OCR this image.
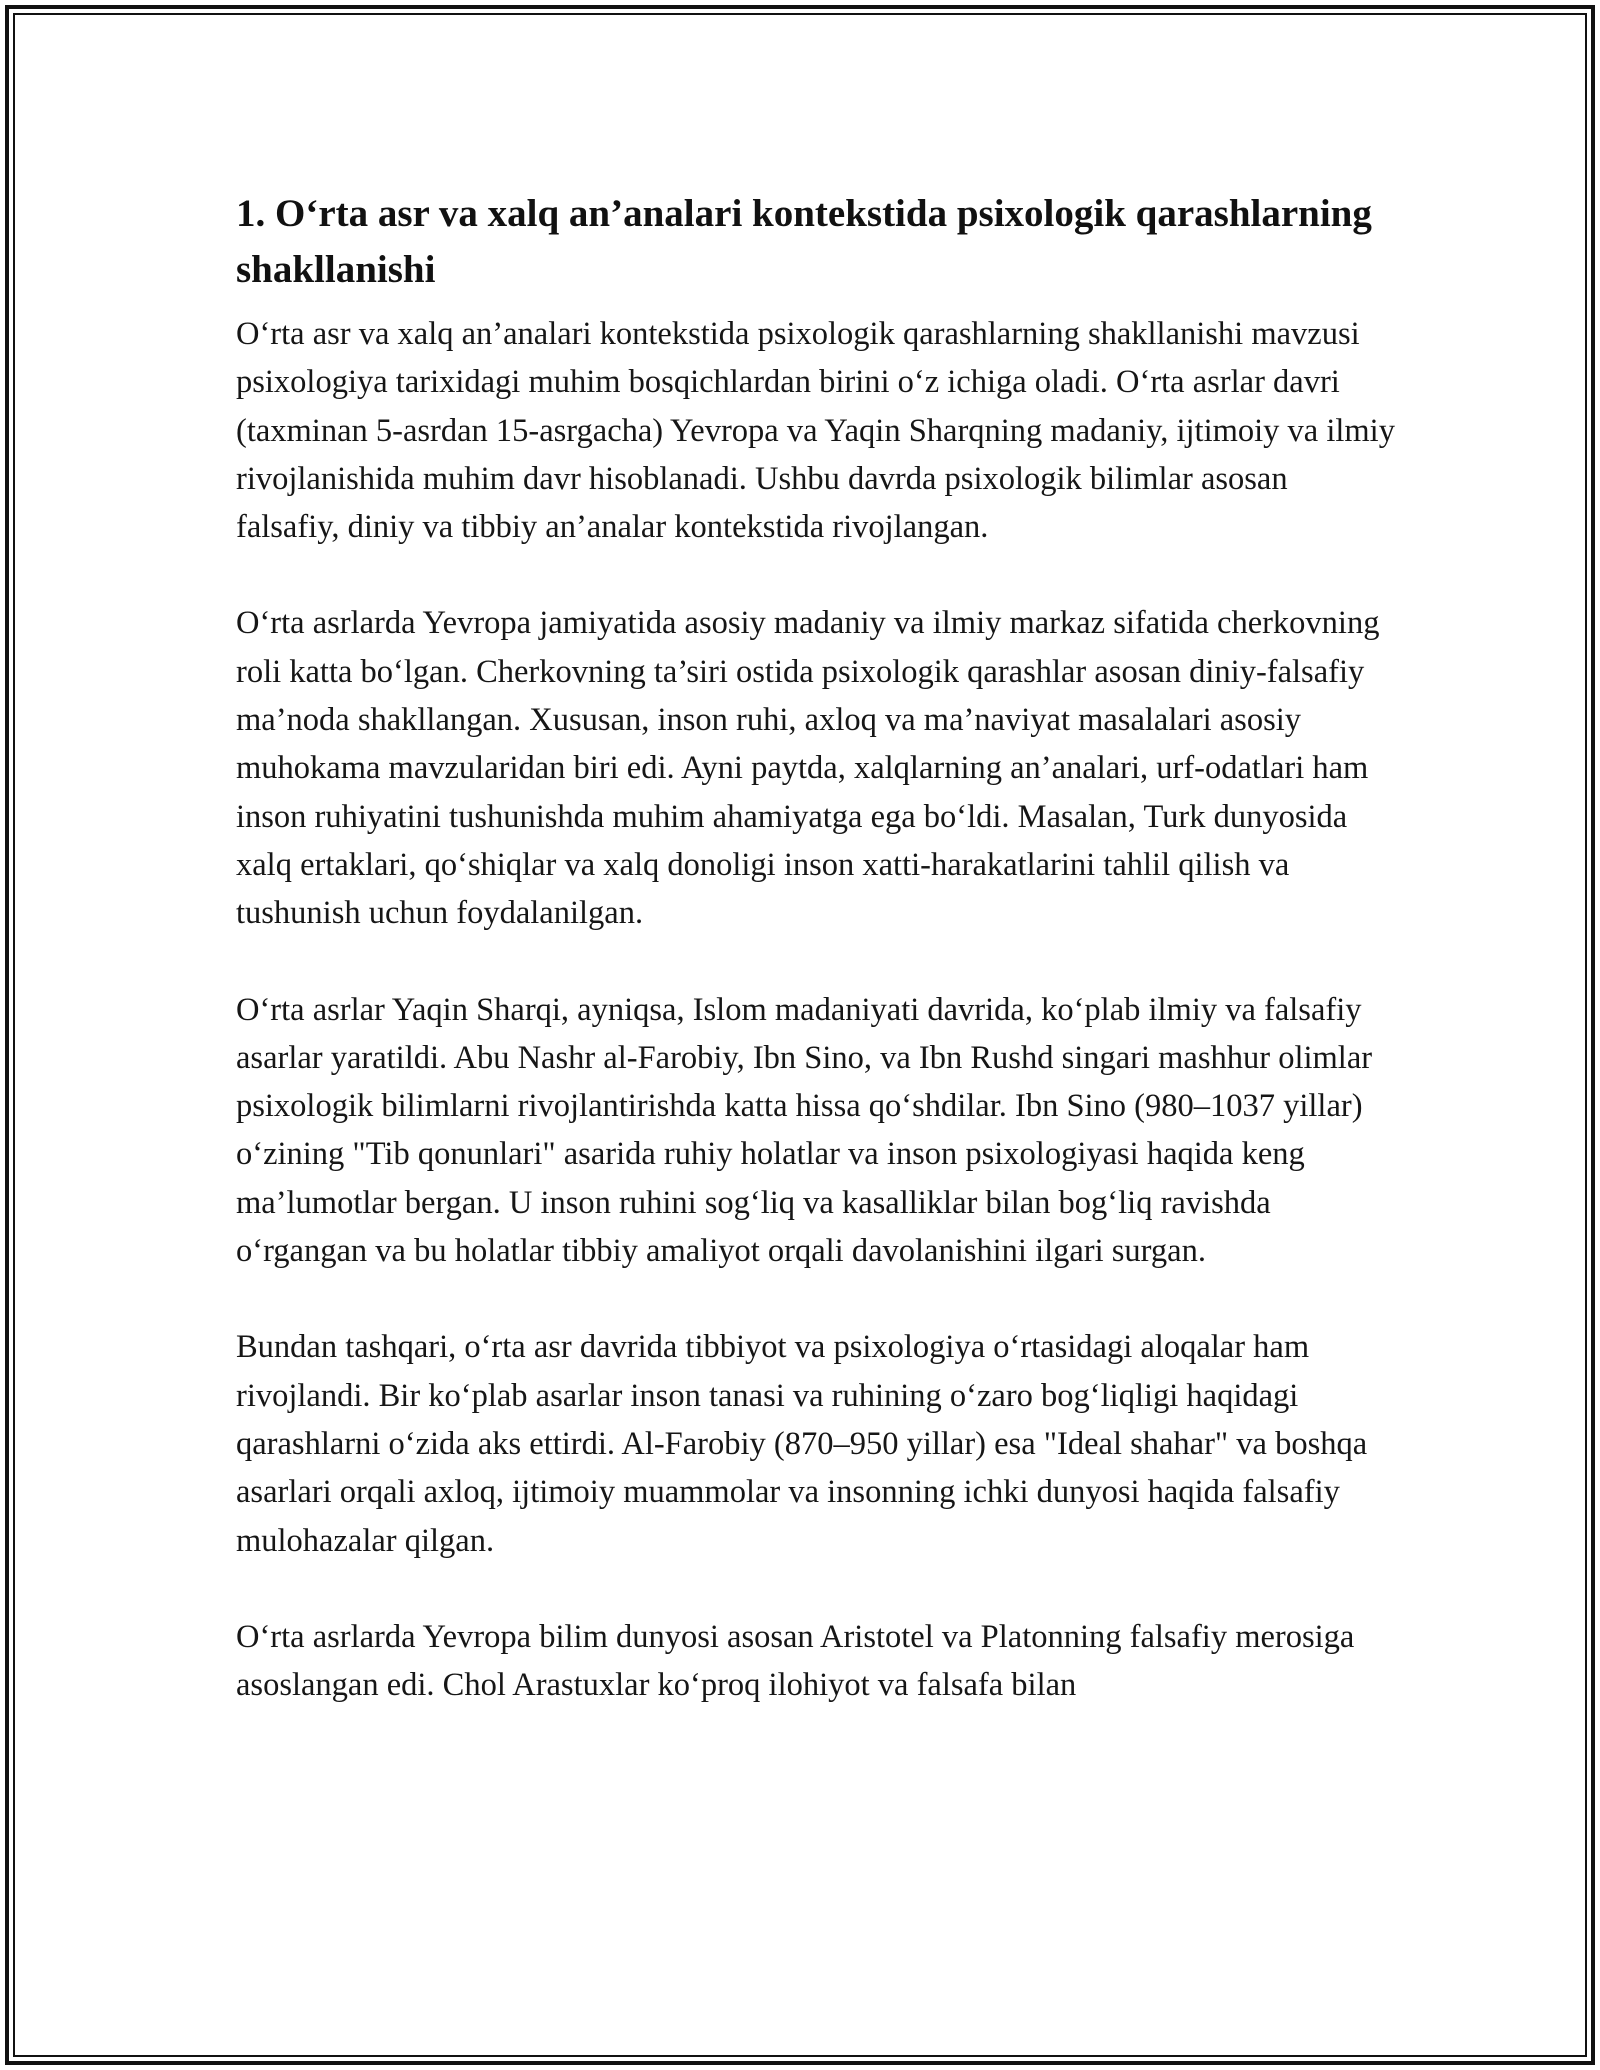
1. O‘rta asr va xalq an’analari kontekstida psixologik qarashlarning shakllanishi

O‘rta asr va xalq an’analari kontekstida psixologik qarashlarning shakllanishi mavzusi psixologiya tarixidagi muhim bosqichlardan birini o‘z ichiga oladi. O‘rta asrlar davri (taxminan 5-asrdan 15-asrgacha) Yevropa va Yaqin Sharqning madaniy, ijtimoiy va ilmiy rivojlanishida muhim davr hisoblanadi. Ushbu davrda psixologik bilimlar asosan falsafiy, diniy va tibbiy an’analar kontekstida rivojlangan.

O‘rta asrlarda Yevropa jamiyatida asosiy madaniy va ilmiy markaz sifatida cherkovning roli katta bo‘lgan. Cherkovning ta’siri ostida psixologik qarashlar asosan diniy-falsafiy ma’noda shakllangan. Xususan, inson ruhi, axloq va ma’naviyat masalalari asosiy muhokama mavzularidan biri edi. Ayni paytda, xalqlarning an’analari, urf-odatlari ham inson ruhiyatini tushunishda muhim ahamiyatga ega bo‘ldi. Masalan, Turk dunyosida xalq ertaklari, qo‘shiqlar va xalq donoligi inson xatti-harakatlarini tahlil qilish va tushunish uchun foydalanilgan.

O‘rta asrlar Yaqin Sharqi, ayniqsa, Islom madaniyati davrida, ko‘plab ilmiy va falsafiy asarlar yaratildi. Abu Nashr al-Farobiy, Ibn Sino, va Ibn Rushd singari mashhur olimlar psixologik bilimlarni rivojlantirishda katta hissa qo‘shdilar. Ibn Sino (980–1037 yillar) o‘zining "Tib qonunlari" asarida ruhiy holatlar va inson psixologiyasi haqida keng ma’lumotlar bergan. U inson ruhini sog‘liq va kasalliklar bilan bog‘liq ravishda o‘rgangan va bu holatlar tibbiy amaliyot orqali davolanishini ilgari surgan.

Bundan tashqari, o‘rta asr davrida tibbiyot va psixologiya o‘rtasidagi aloqalar ham rivojlandi. Bir ko‘plab asarlar inson tanasi va ruhining o‘zaro bog‘liqligi haqidagi qarashlarni o‘zida aks ettirdi. Al-Farobiy (870–950 yillar) esa "Ideal shahar" va boshqa asarlari orqali axloq, ijtimoiy muammolar va insonning ichki dunyosi haqida falsafiy mulohazalar qilgan.

O‘rta asrlarda Yevropa bilim dunyosi asosan Aristotel va Platonning falsafiy merosiga asoslangan edi. Chol Arastuxlar ko‘proq ilohiyot va falsafa bilan
